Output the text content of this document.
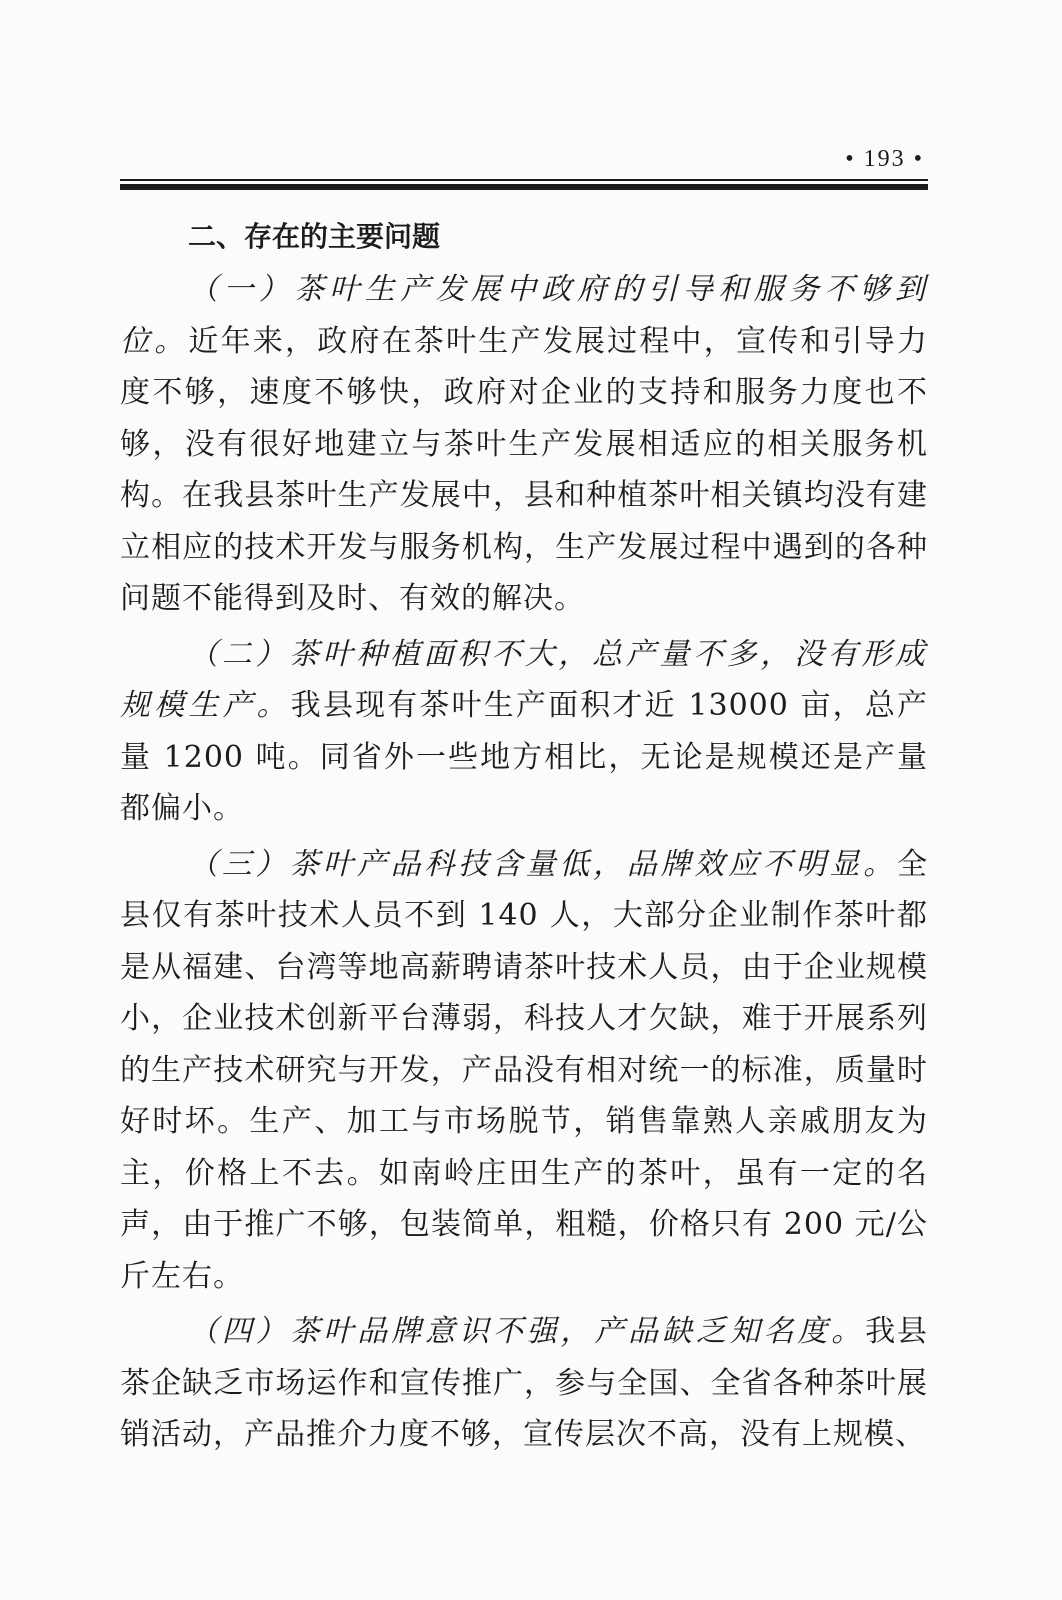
• 193 •
二、存在的主要问题

（一）茶叶生产发展中政府的引导和服务不够到位。近年来，政府在茶叶生产发展过程中，宣传和引导力度不够，速度不够快，政府对企业的支持和服务力度也不够，没有很好地建立与茶叶生产发展相适应的相关服务机构。在我县茶叶生产发展中，县和种植茶叶相关镇均没有建立相应的技术开发与服务机构，生产发展过程中遇到的各种问题不能得到及时、有效的解决。

（二）茶叶种植面积不大，总产量不多，没有形成规模生产。我县现有茶叶生产面积才近 13000 亩，总产量 1200 吨。同省外一些地方相比，无论是规模还是产量都偏小。

（三）茶叶产品科技含量低，品牌效应不明显。全县仅有茶叶技术人员不到 140 人，大部分企业制作茶叶都是从福建、台湾等地高薪聘请茶叶技术人员，由于企业规模小，企业技术创新平台薄弱，科技人才欠缺，难于开展系列的生产技术研究与开发，产品没有相对统一的标准，质量时好时坏。生产、加工与市场脱节，销售靠熟人亲戚朋友为主，价格上不去。如南岭庄田生产的茶叶，虽有一定的名声，由于推广不够，包装简单，粗糙，价格只有 200 元/公斤左右。

（四）茶叶品牌意识不强，产品缺乏知名度。我县茶企缺乏市场运作和宣传推广，参与全国、全省各种茶叶展销活动，产品推介力度不够，宣传层次不高，没有上规模、
